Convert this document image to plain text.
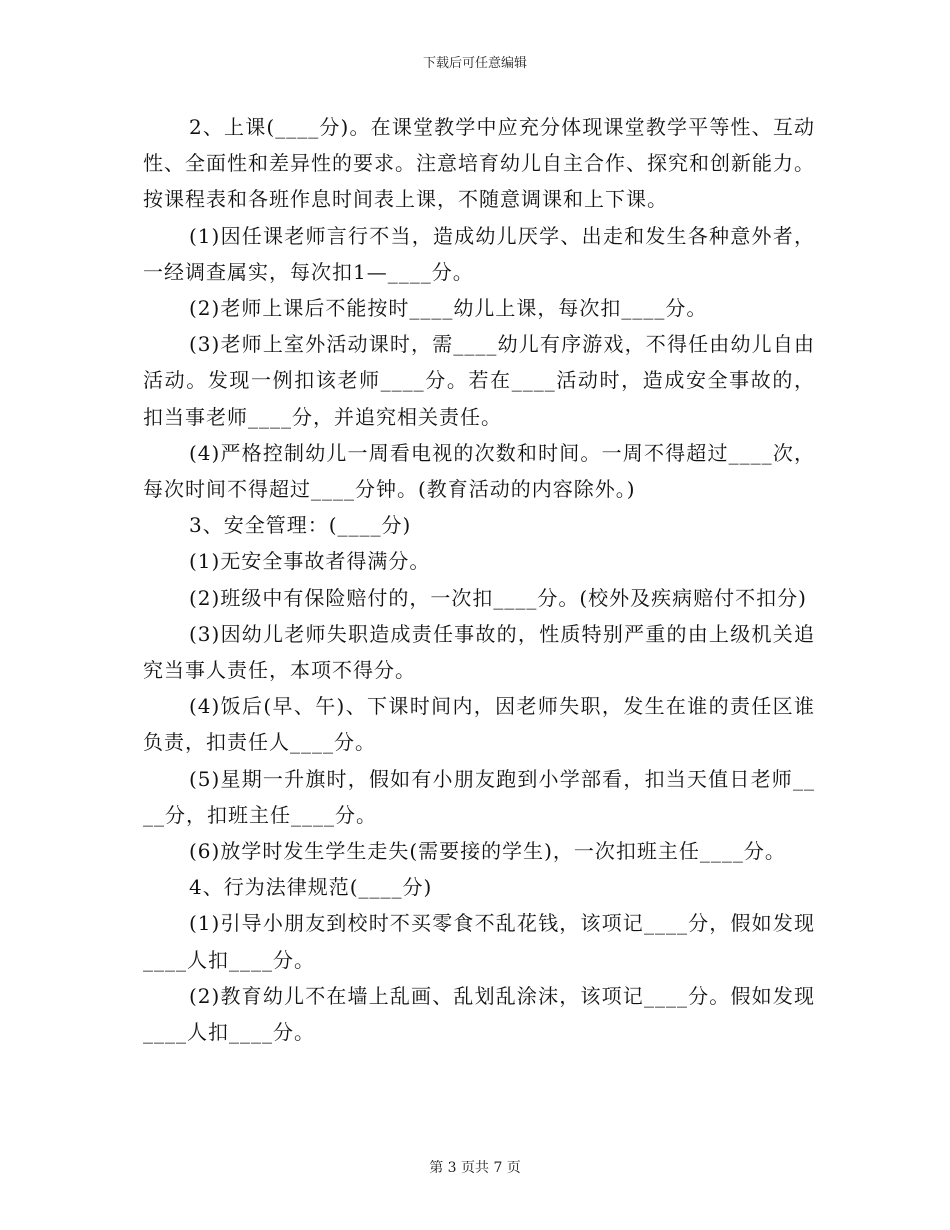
下载后可任意编辑

2、上课(____分)。在课堂教学中应充分体现课堂教学平等性、互动性、全面性和差异性的要求。注意培育幼儿自主合作、探究和创新能力。按课程表和各班作息时间表上课，不随意调课和上下课。

(1)因任课老师言行不当，造成幼儿厌学、出走和发生各种意外者，一经调查属实，每次扣1—____分。

(2)老师上课后不能按时____幼儿上课，每次扣____分。

(3)老师上室外活动课时，需____幼儿有序游戏，不得任由幼儿自由活动。发现一例扣该老师____分。若在____活动时，造成安全事故的，扣当事老师____分，并追究相关责任。

(4)严格控制幼儿一周看电视的次数和时间。一周不得超过____次，每次时间不得超过____分钟。(教育活动的内容除外。)

3、安全管理：(____分)

(1)无安全事故者得满分。

(2)班级中有保险赔付的，一次扣____分。(校外及疾病赔付不扣分)

(3)因幼儿老师失职造成责任事故的，性质特别严重的由上级机关追究当事人责任，本项不得分。

(4)饭后(早、午)、下课时间内，因老师失职，发生在谁的责任区谁负责，扣责任人____分。

(5)星期一升旗时，假如有小朋友跑到小学部看，扣当天值日老师____分，扣班主任____分。

(6)放学时发生学生走失(需要接的学生)，一次扣班主任____分。

4、行为法律规范(____分)

(1)引导小朋友到校时不买零食不乱花钱，该项记____分，假如发现____人扣____分。

(2)教育幼儿不在墙上乱画、乱划乱涂沫，该项记____分。假如发现____人扣____分。

第 3 页共 7 页
